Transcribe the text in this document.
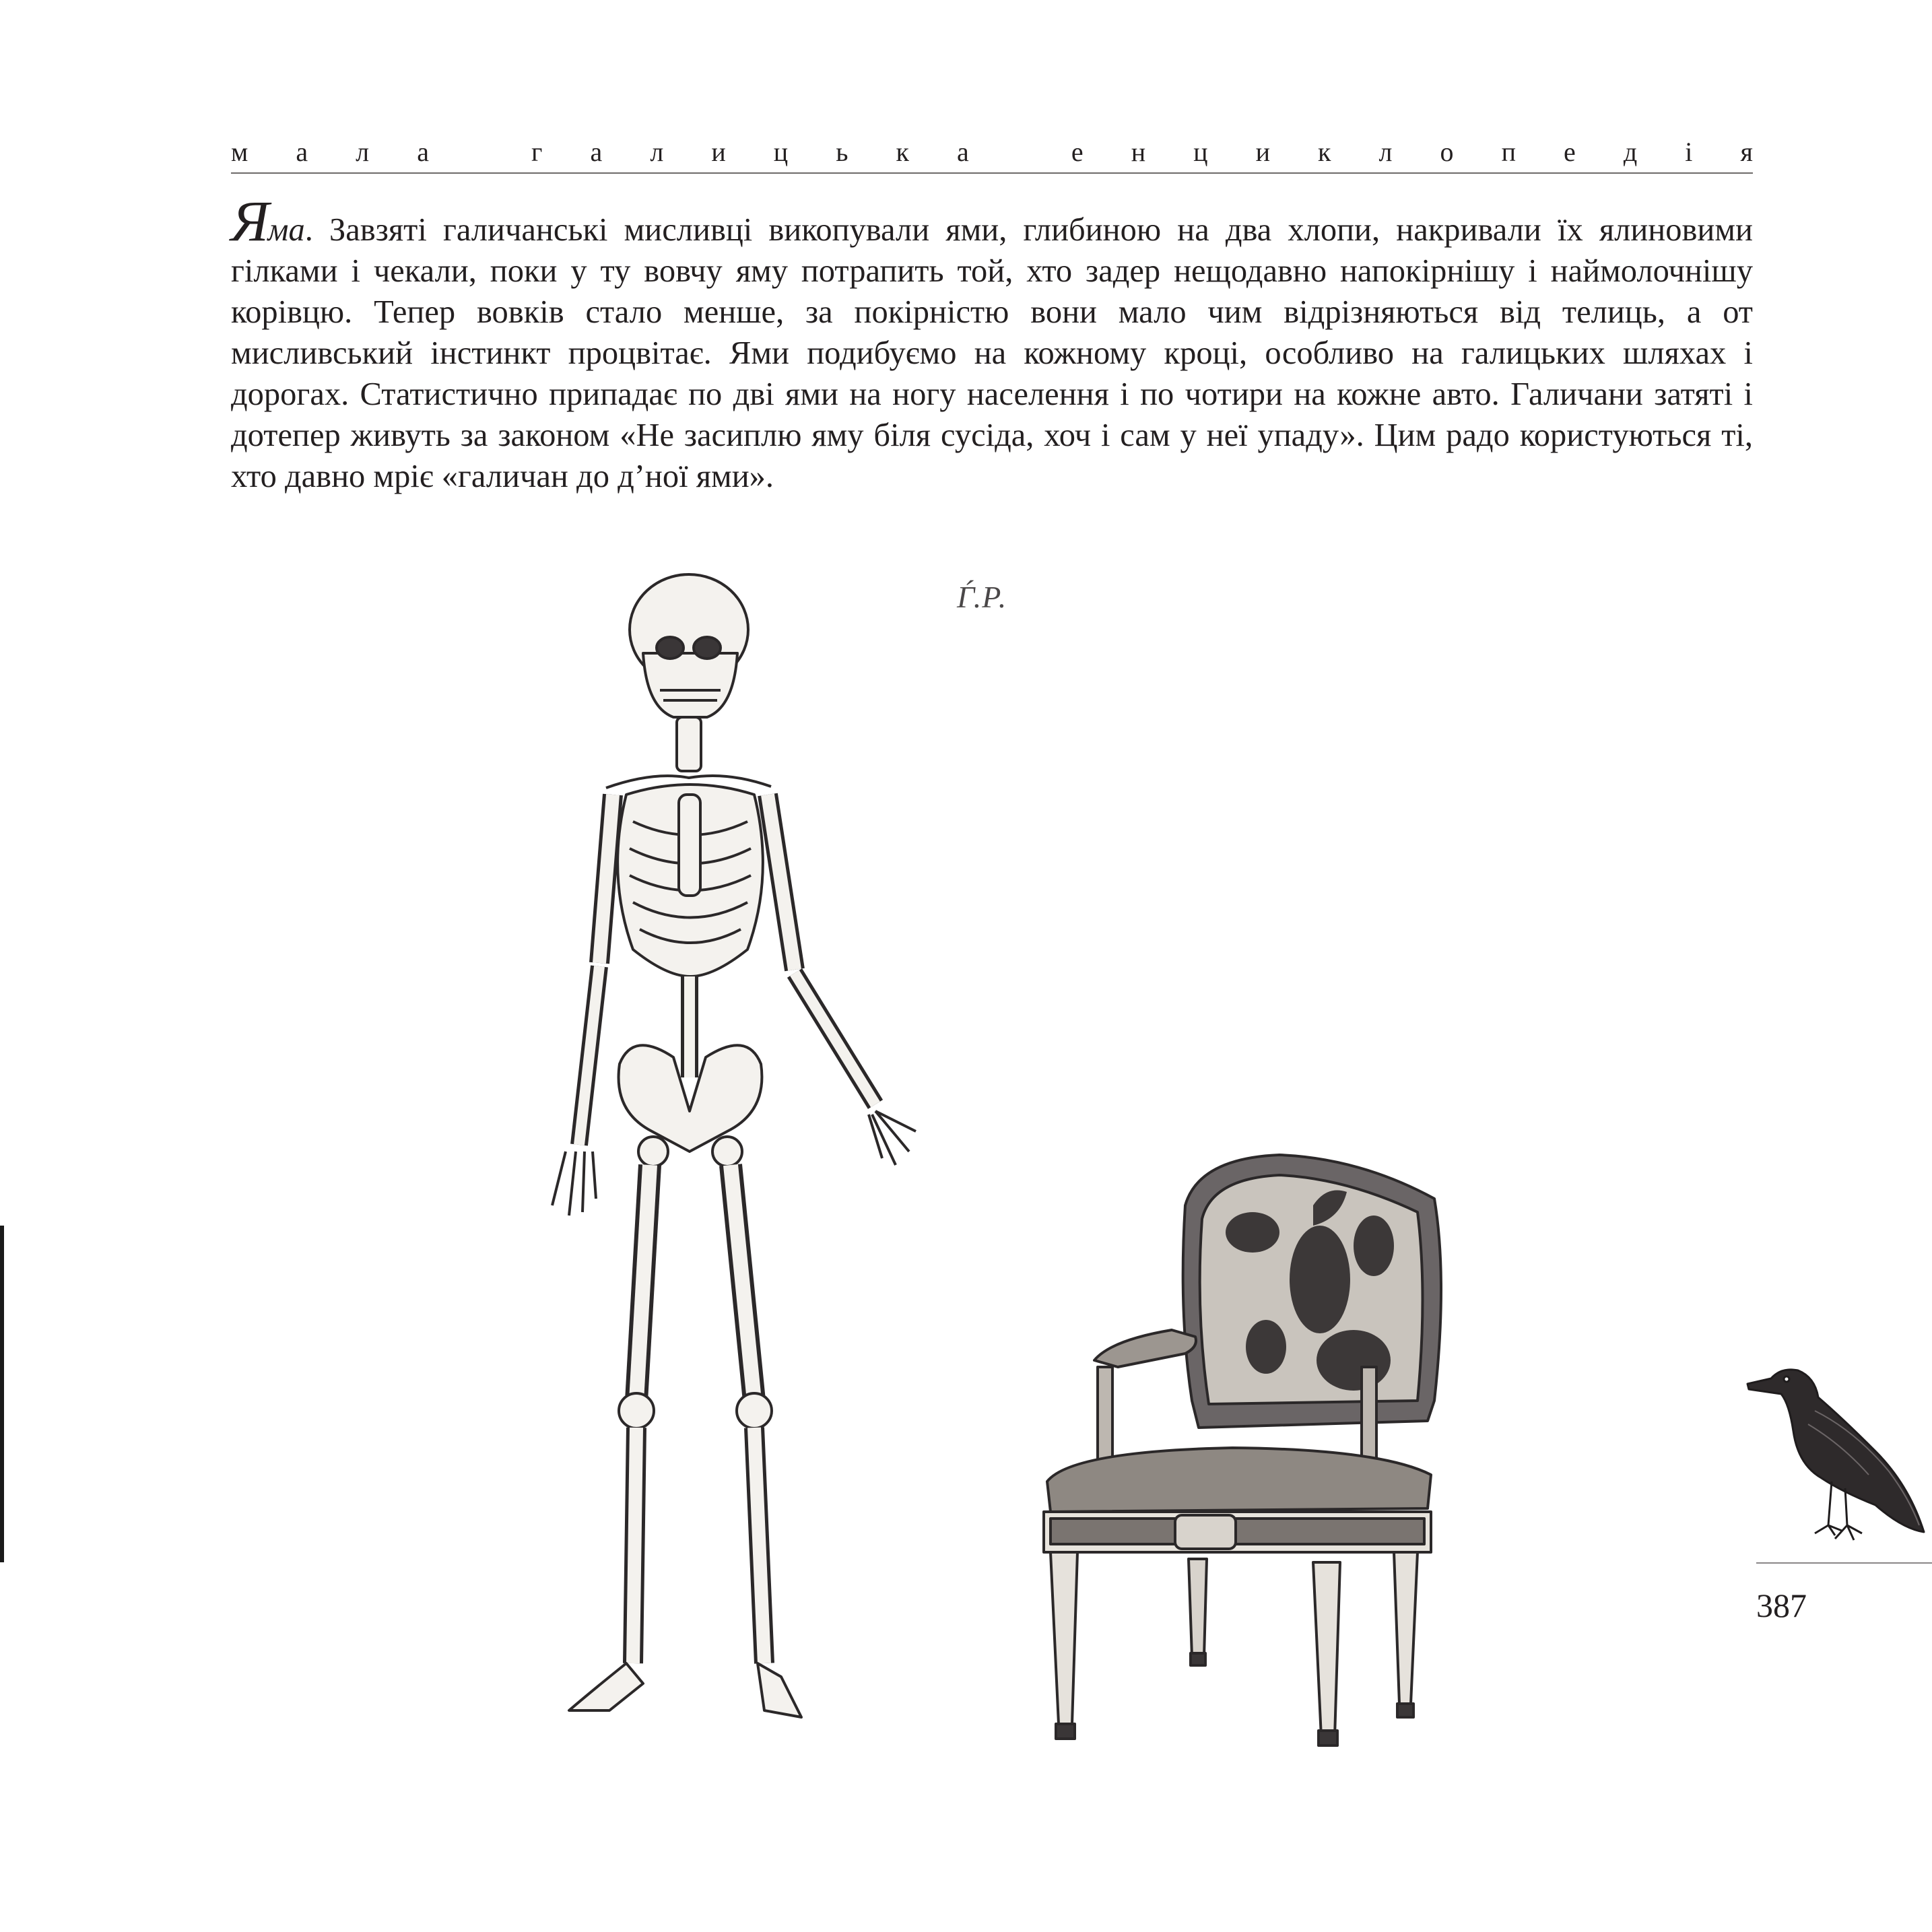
м а л а
	г а л и ц ь к а
	е н ц и к л о п е д і я
Яма. Завзяті галичанські мисливці викопували ями, глибиною на два хлопи, накривали їх ялиновими гілками і чекали, поки у ту вовчу яму потрапить той, хто задер нещодавно напокірнішу і наймолочнішу корівцю. Тепер вовків стало менше, за покірністю вони мало чим відрізняються від телиць, а от мисливський інстинкт процвітає. Ями подибуємо на кожному кроці, особливо на галицьких шляхах і дорогах. Статистично припадає по дві ями на ногу населення і по чотири на кожне авто. Галичани затяті і дотепер живуть за законом «Не засиплю яму біля сусіда, хоч і сам у неї упаду». Цим радо користуються ті, хто давно мріє «галичан до д’ної ями».
Ѓ.Р.
387
